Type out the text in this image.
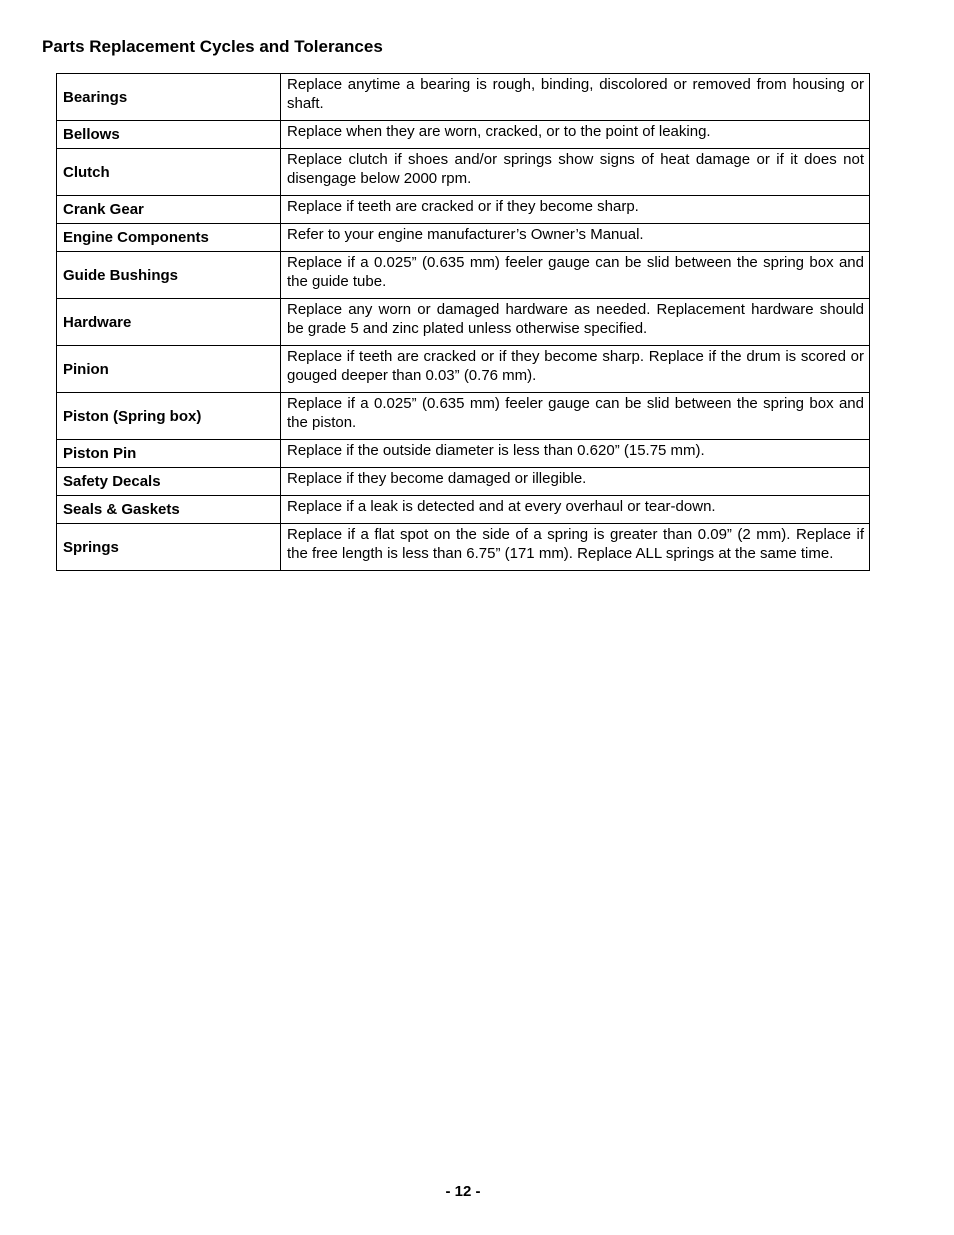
Parts Replacement Cycles and Tolerances
Bearings	Replace anytime a bearing is rough, binding, discolored or removed from housing or shaft.
Bellows	Replace when they are worn, cracked, or to the point of leaking.
Clutch	Replace clutch if shoes and/or springs show signs of heat damage or if it does not disengage below 2000 rpm.
Crank Gear	Replace if teeth are cracked or if they become sharp.
Engine Components	Refer to your engine manufacturer’s Owner’s Manual.
Guide Bushings	Replace if a 0.025” (0.635 mm) feeler gauge can be slid between the spring box and the guide tube.
Hardware	Replace any worn or damaged hardware as needed. Replacement hardware should be grade 5 and zinc plated unless otherwise specified.
Pinion	Replace if teeth are cracked or if they become sharp. Replace if the drum is scored or gouged deeper than 0.03” (0.76 mm).
Piston (Spring box)	Replace if a 0.025” (0.635 mm) feeler gauge can be slid between the spring box and the piston.
Piston Pin	Replace if the outside diameter is less than 0.620” (15.75 mm).
Safety Decals	Replace if they become damaged or illegible.
Seals & Gaskets	Replace if a leak is detected and at every overhaul or tear-down.
Springs	Replace if a flat spot on the side of a spring is greater than 0.09” (2 mm). Replace if the free length is less than 6.75” (171 mm). Replace ALL springs at the same time.
- 12 -
